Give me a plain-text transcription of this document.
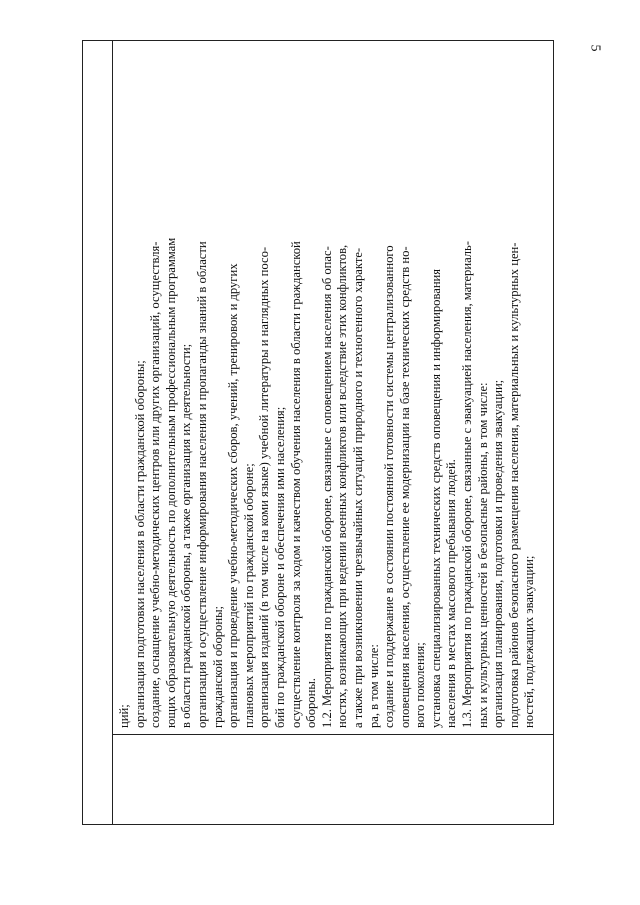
5

ций; организация подготовки населения в области гражданской обороны; создание, оснащение учебно-методических центров или других организаций, осуществля- ющих образовательную деятельность по дополнительным профессиональным программам в области гражданской обороны, а также организация их деятельности; организация и осуществление информирования населения и пропаганды знаний в области гражданской обороны; организация и проведение учебно-методических сборов, учений, тренировок и других плановых мероприятий по гражданской обороне; организация изданий (в том числе на коми языке) учебной литературы и наглядных посо- бий по гражданской обороне и обеспечения ими населения; осуществление контроля за ходом и качеством обучения населения в области гражданской обороны. 1.2. Мероприятия по гражданской обороне, связанные с оповещением населения об опас- ностях, возникающих при ведении военных конфликтов или вследствие этих конфликтов, а также при возникновении чрезвычайных ситуаций природного и техногенного характе- ра, в том числе: создание и поддержание в состоянии постоянной готовности системы централизованного оповещения населения, осуществление ее модернизации на базе технических средств но- вого поколения; установка специализированных технических средств оповещения и информирования населения в местах массового пребывания людей. 1.3. Мероприятия по гражданской обороне, связанные с эвакуацией населения, материаль- ных и культурных ценностей в безопасные районы, в том числе: организация планирования, подготовки и проведения эвакуации; подготовка районов безопасного размещения населения, материальных и культурных цен- ностей, подлежащих эвакуации;
